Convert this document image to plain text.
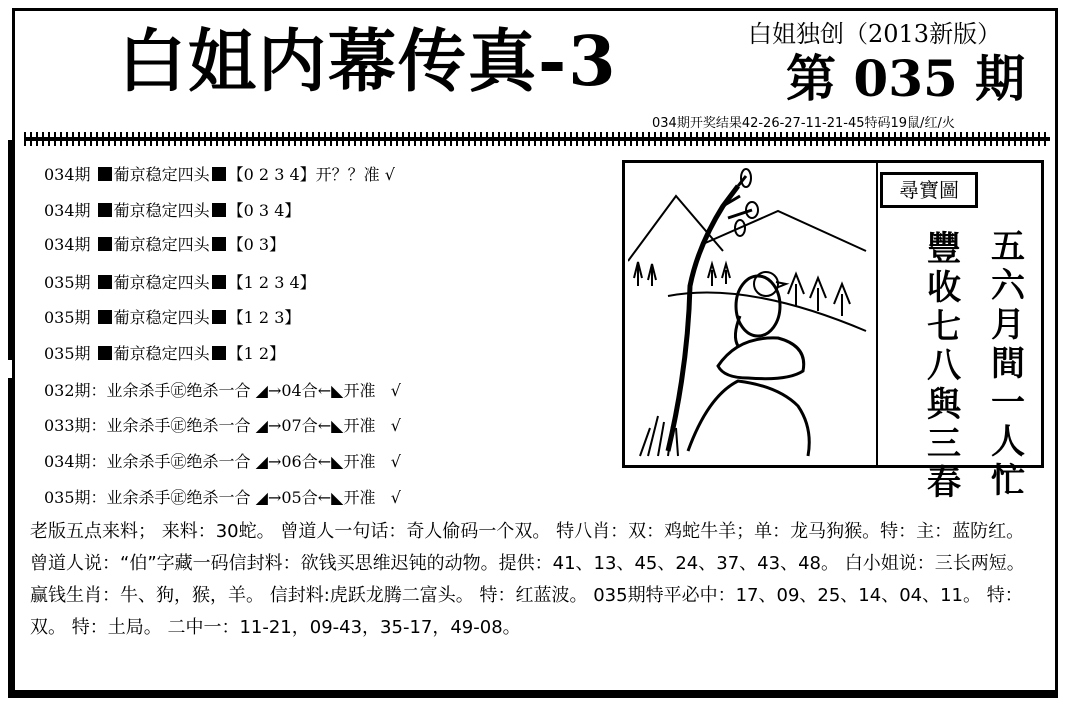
白姐内幕传真-3	白姐独创（2013新版）
第 035 期
034期开奖结果42-26-27-11-21-45特码19鼠/红/火
034期 葡京稳定四头 【0 2 3 4】开？？准 √
034期 葡京稳定四头 【0 3 4】
034期 葡京稳定四头 【0 3】
035期 葡京稳定四头 【1 2 3 4】
035期 葡京稳定四头 【1 2 3】
035期 葡京稳定四头 【1 2】
032期：业余杀手㊣绝杀一合 ◢→04合←◣开准 √
033期：业余杀手㊣绝杀一合 ◢→07合←◣开准 √
034期：业余杀手㊣绝杀一合 ◢→06合←◣开准 √
035期：业余杀手㊣绝杀一合 ◢→05合←◣开准 √
尋寶圖
五六月間一人忙
豐收七八與三春
老版五点来料； 来料：30蛇。 曾道人一句话：奇人偷码一个双。 特八肖：双：鸡蛇牛羊；单：龙马狗猴。特：主：蓝防红。 曾道人说：“伯”字藏一码信封料：欲钱买思维迟钝的动物。提供：41、13、45、24、37、43、48。 白小姐说：三长两短。 赢钱生肖：牛、狗，猴，羊。 信封料:虎跃龙腾二富头。 特：红蓝波。 035期特平必中：17、09、25、14、04、11。 特：双。 特：土局。 二中一：11-21，09-43，35-17，49-08。
